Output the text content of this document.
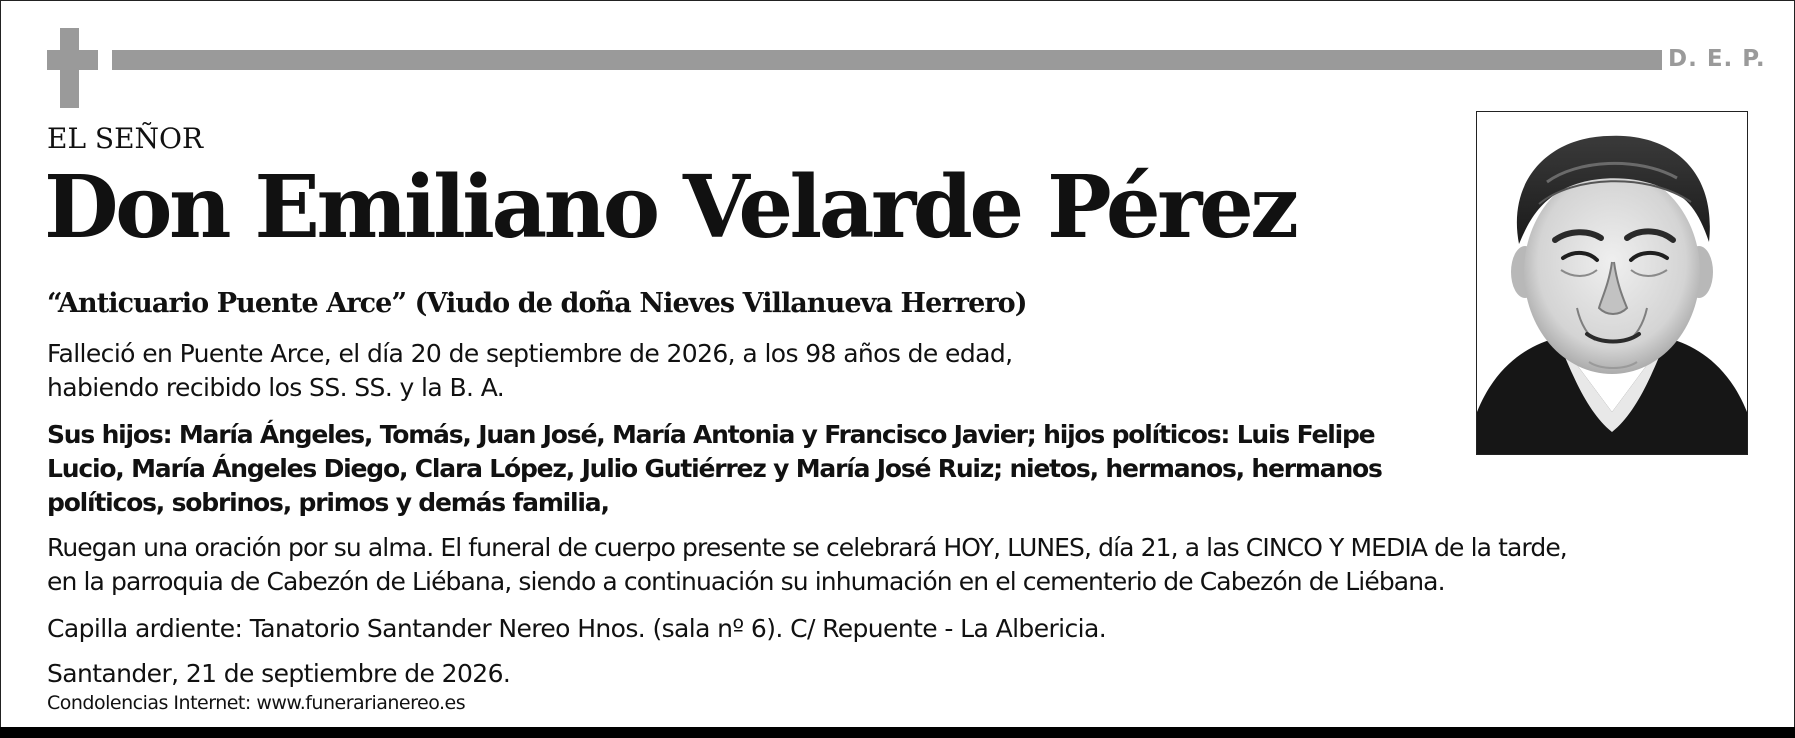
D. E. P.
EL SEÑOR
Don Emiliano Velarde Pérez
“Anticuario Puente Arce” (Viudo de doña Nieves Villanueva Herrero)
Falleció en Puente Arce, el día 20 de septiembre de 2026, a los 98 años de edad,
habiendo recibido los SS. SS. y la B. A.
Sus hijos: María Ángeles, Tomás, Juan José, María Antonia y Francisco Javier; hijos políticos: Luis Felipe
Lucio, María Ángeles Diego, Clara López, Julio Gutiérrez y María José Ruiz; nietos, hermanos, hermanos
políticos, sobrinos, primos y demás familia,
Ruegan una oración por su alma. El funeral de cuerpo presente se celebrará HOY, LUNES, día 21, a las CINCO Y MEDIA de la tarde,
en la parroquia de Cabezón de Liébana, siendo a continuación su inhumación en el cementerio de Cabezón de Liébana.
Capilla ardiente: Tanatorio Santander Nereo Hnos. (sala nº 6). C/ Repuente - La Albericia.
Santander, 21 de septiembre de 2026.
Condolencias Internet: www.funerarianereo.es
